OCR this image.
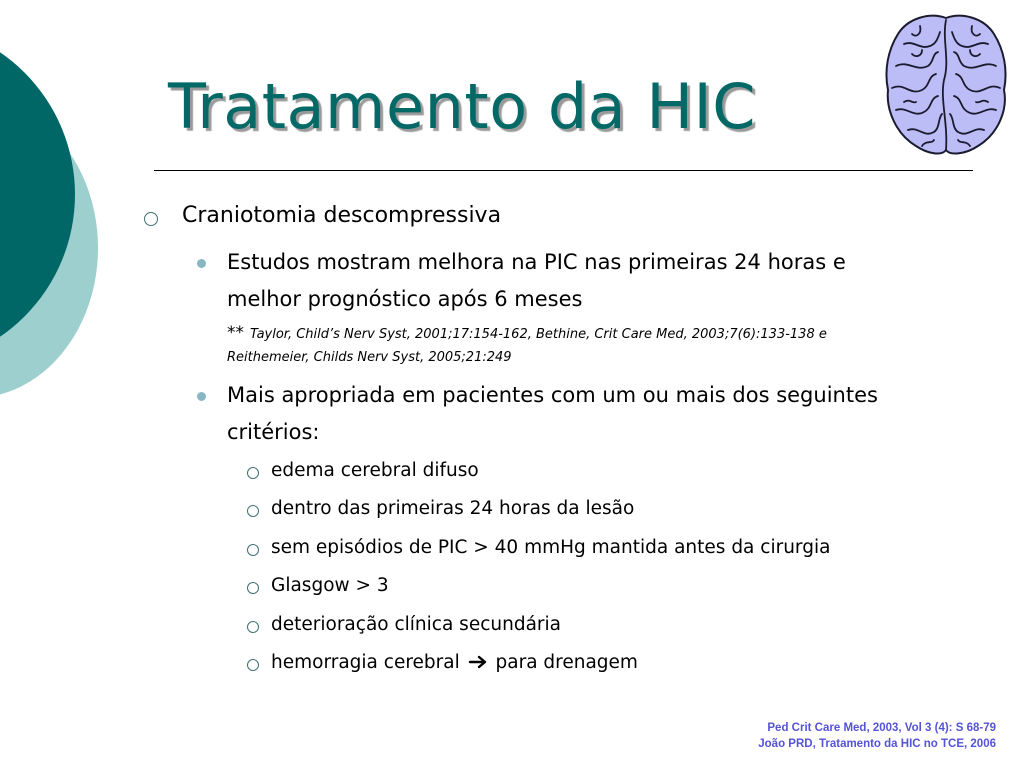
Tratamento da HIC
Craniotomia descompressiva
Estudos mostram melhora na PIC nas primeiras 24 horas e
melhor prognóstico após 6 meses
** Taylor, Child’s Nerv Syst, 2001;17:154-162, Bethine, Crit Care Med, 2003;7(6):133-138 e
Reithemeier, Childs Nerv Syst, 2005;21:249
Mais apropriada em pacientes com um ou mais dos seguintes
critérios:
edema cerebral difuso
dentro das primeiras 24 horas da lesão
sem episódios de PIC > 40 mmHg mantida antes da cirurgia
Glasgow > 3
deterioração clínica secundária
hemorragia cerebral para drenagem
Ped Crit Care Med, 2003, Vol 3 (4): S 68-79
João PRD, Tratamento da HIC no TCE, 2006
